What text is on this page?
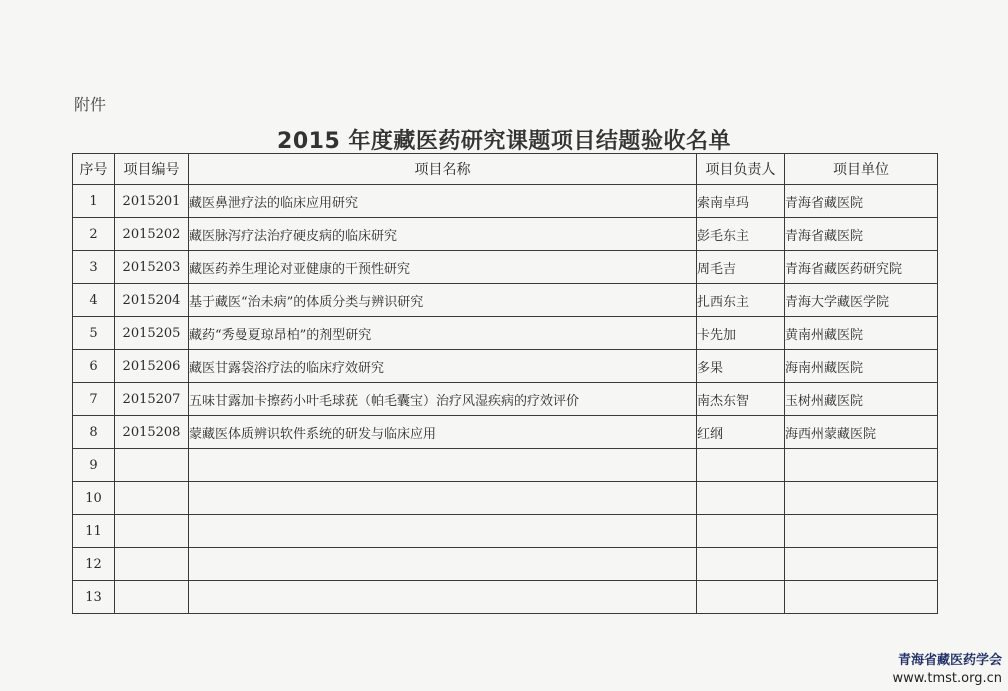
附件
2015 年度藏医药研究课题项目结题验收名单
序号	项目编号	项目名称	项目负责人	项目单位
1	2015201	藏医鼻泄疗法的临床应用研究	索南卓玛	青海省藏医院
2	2015202	藏医脉泻疗法治疗硬皮病的临床研究	彭毛东主	青海省藏医院
3	2015203	藏医药养生理论对亚健康的干预性研究	周毛吉	青海省藏医药研究院
4	2015204	基于藏医“治未病”的体质分类与辨识研究	扎西东主	青海大学藏医学院
5	2015205	藏药“秀曼夏琼昂柏”的剂型研究	卡先加	黄南州藏医院
6	2015206	藏医甘露袋浴疗法的临床疗效研究	多果	海南州藏医院
7	2015207	五味甘露加卡擦药小叶毛球莸（帕毛囊宝）治疗风湿疾病的疗效评价	南杰东智	玉树州藏医院
8	2015208	蒙藏医体质辨识软件系统的研发与临床应用	红纲	海西州蒙藏医院
9				
10				
11				
12				
13				
青海省藏医药学会
www.tmst.org.cn
